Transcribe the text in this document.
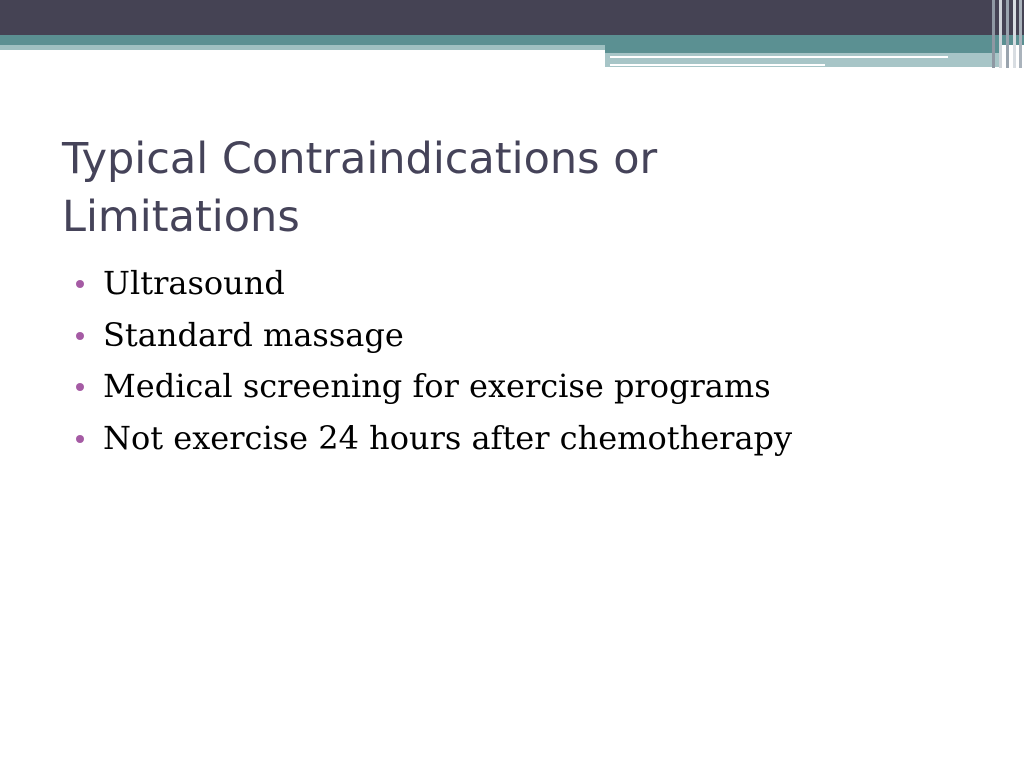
Typical Contraindications or Limitations
Ultrasound
Standard massage
Medical screening for exercise programs
Not exercise 24 hours after chemotherapy
